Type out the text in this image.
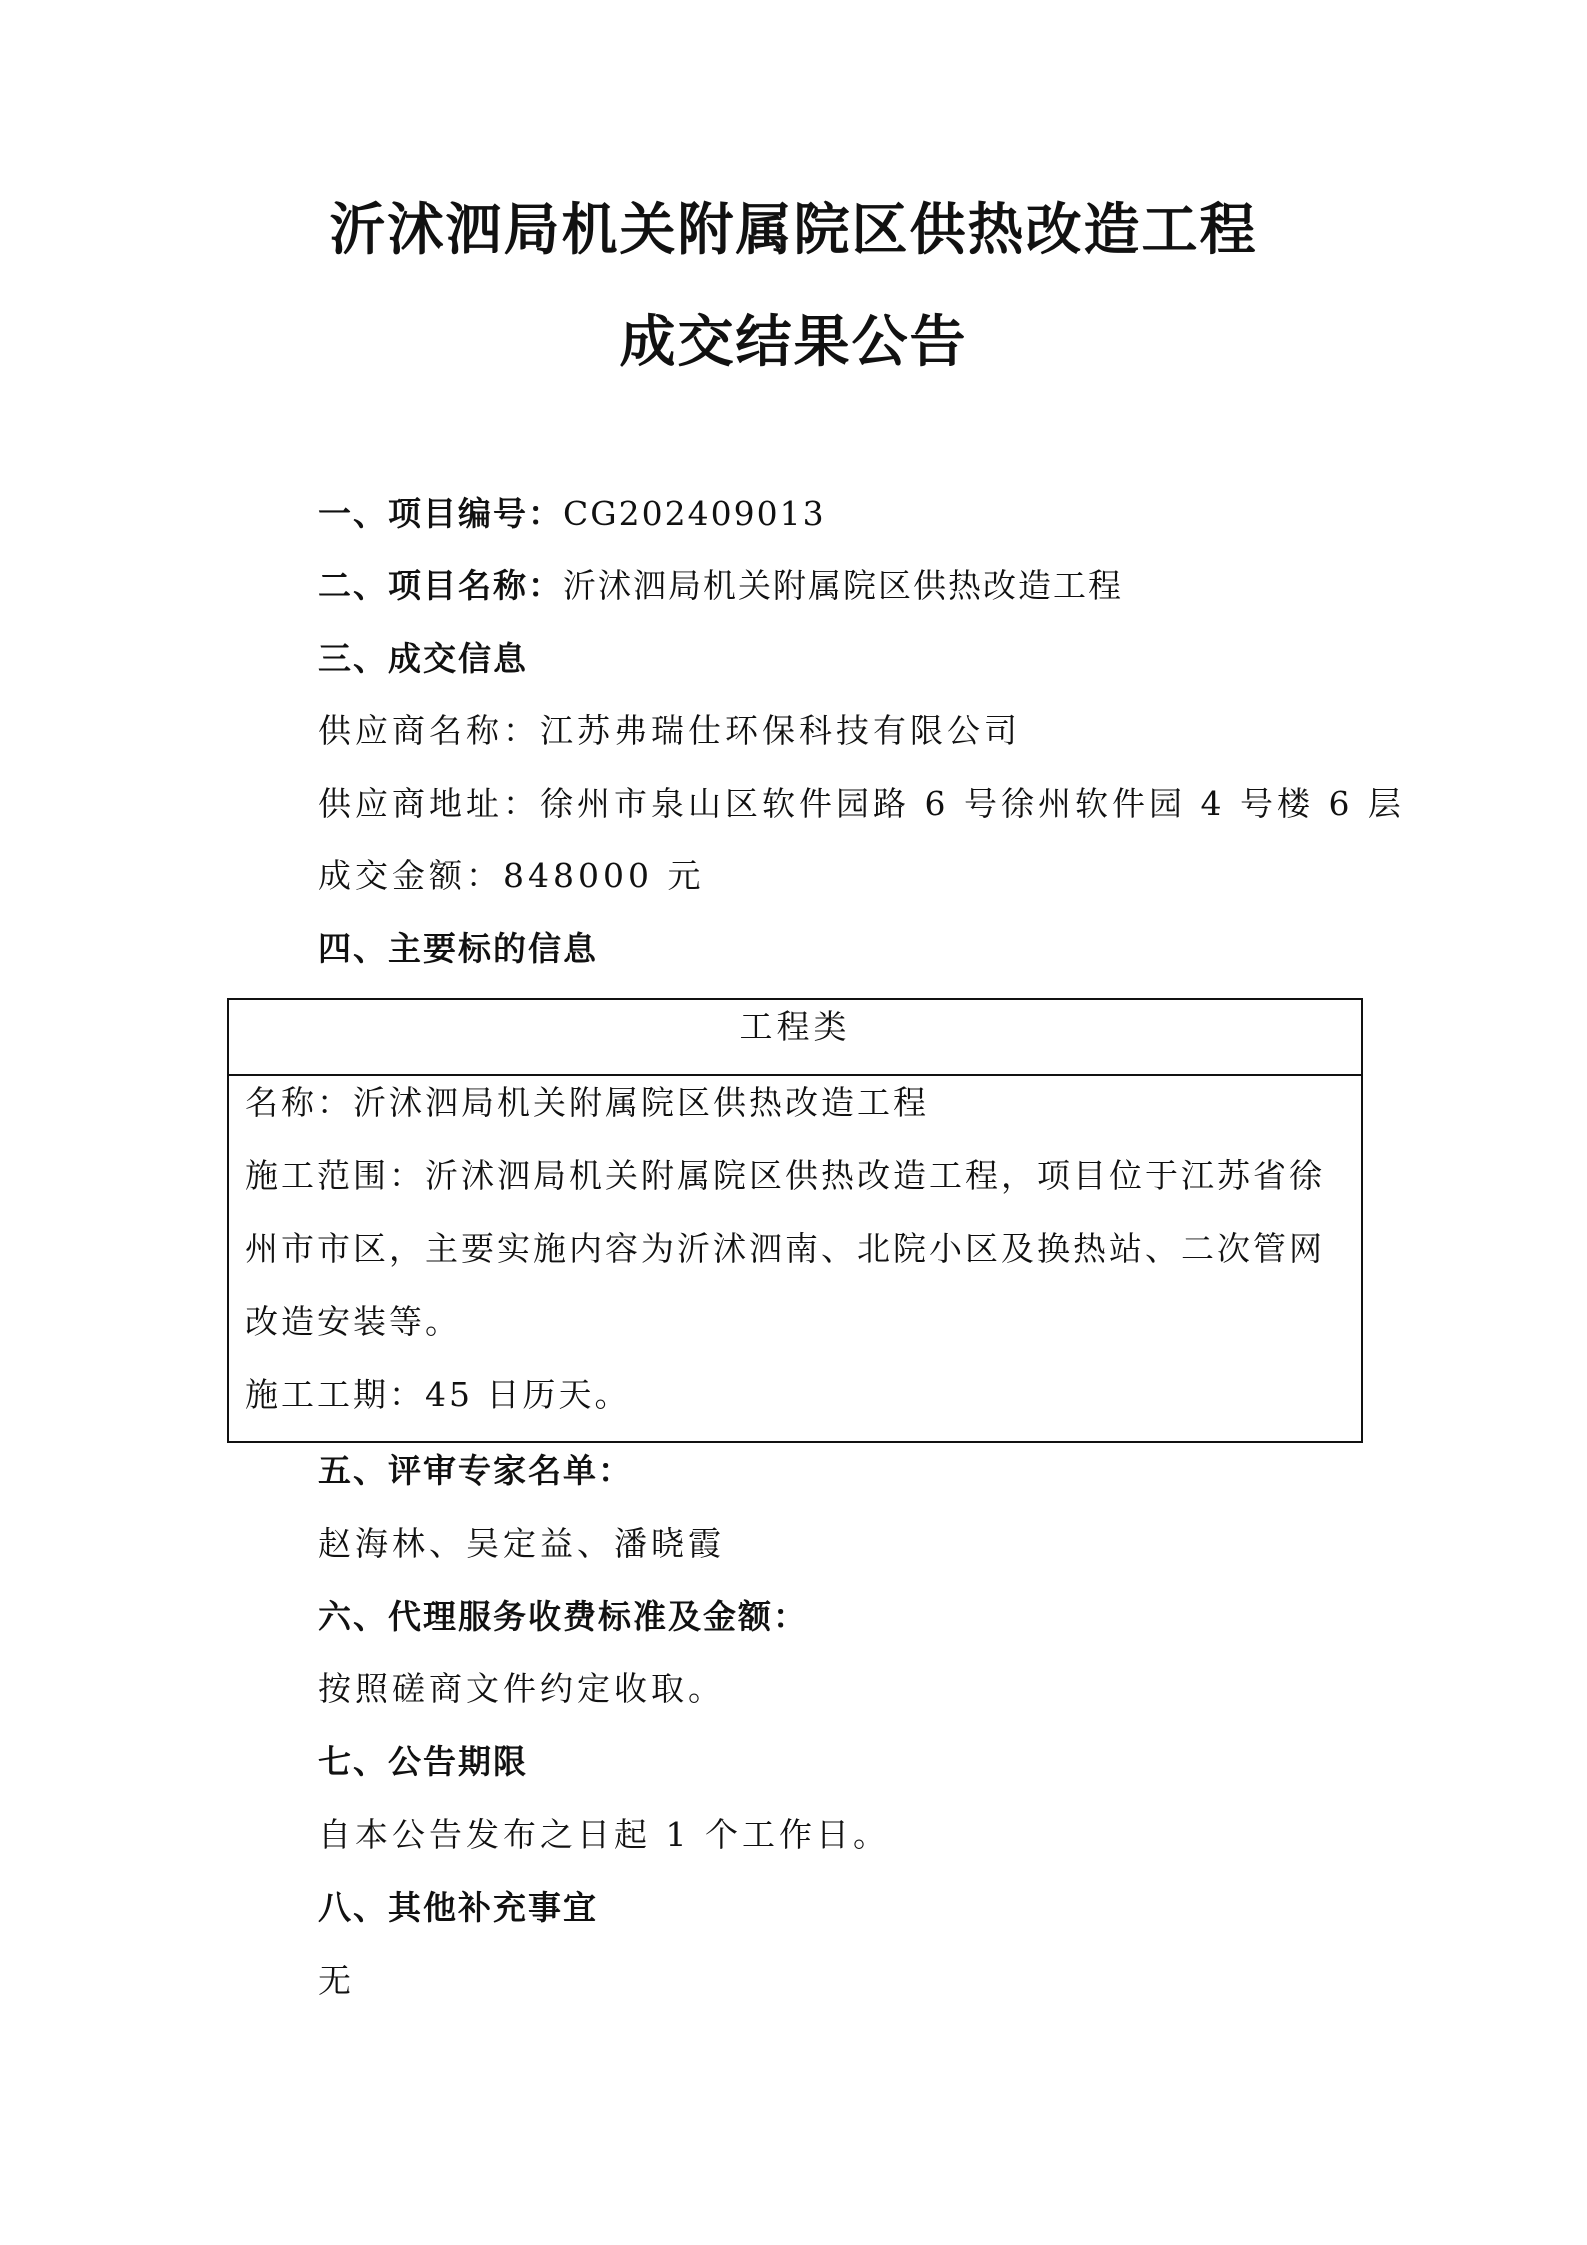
沂沭泗局机关附属院区供热改造工程
成交结果公告
一、项目编号：CG202409013
二、项目名称：沂沭泗局机关附属院区供热改造工程
三、成交信息
供应商名称：江苏弗瑞仕环保科技有限公司
供应商地址：徐州市泉山区软件园路 6 号徐州软件园 4 号楼 6 层
成交金额：848000 元
四、主要标的信息
工程类
名称：沂沭泗局机关附属院区供热改造工程
施工范围：沂沭泗局机关附属院区供热改造工程，项目位于江苏省徐
州市市区，主要实施内容为沂沭泗南、北院小区及换热站、二次管网
改造安装等。
施工工期：45 日历天。
五、评审专家名单：
赵海林、吴定益、潘晓霞
六、代理服务收费标准及金额：
按照磋商文件约定收取。
七、公告期限
自本公告发布之日起 1 个工作日。
八、其他补充事宜
无
